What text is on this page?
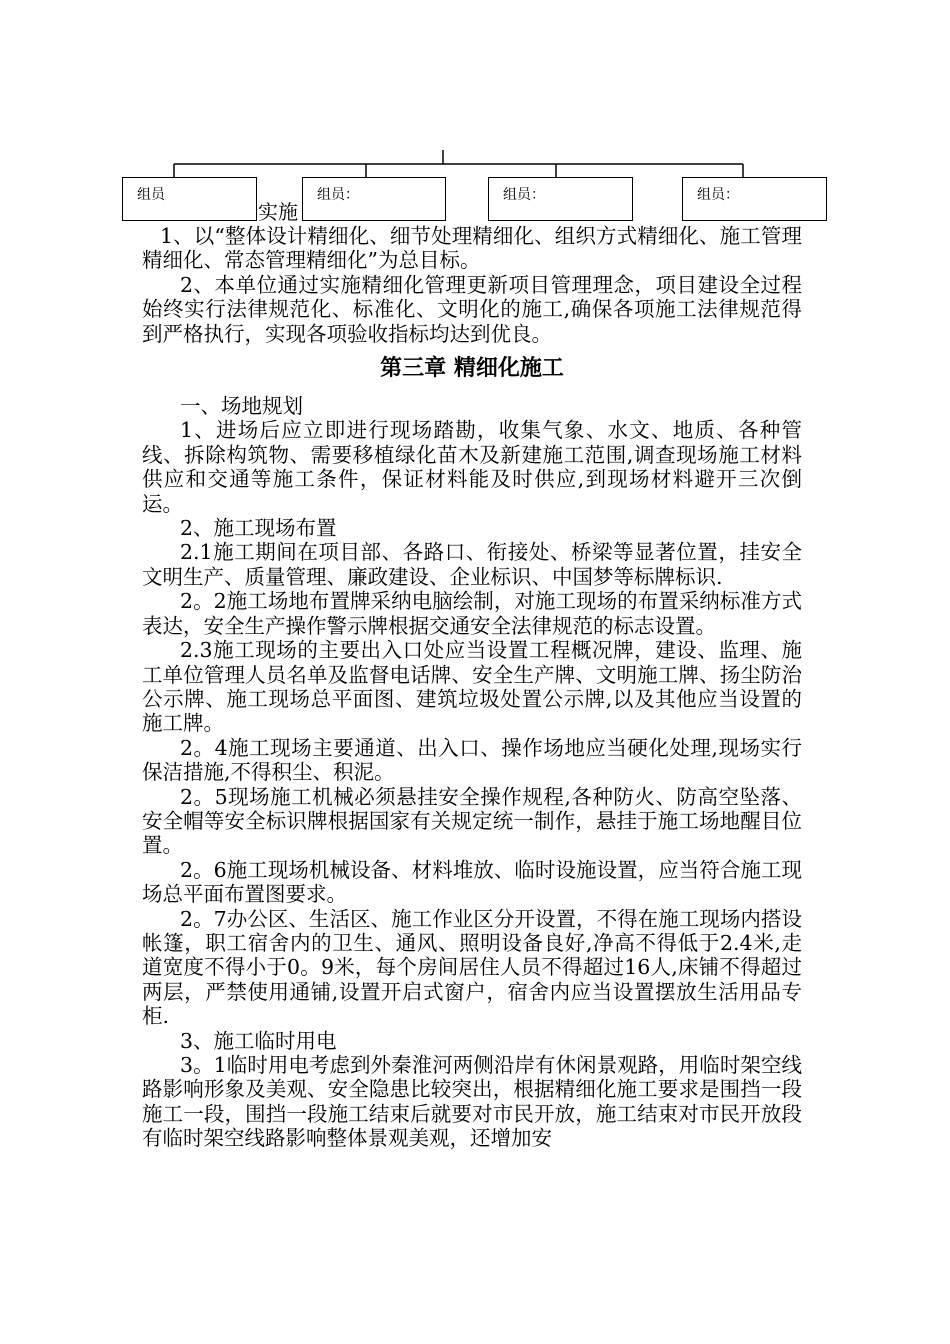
实施
组员	组员：	组员：	组员：

1、以“整体设计精细化、细节处理精细化、组织方式精细化、施工管理精细化、常态管理精细化”为总目标。

2、本单位通过实施精细化管理更新项目管理理念，项目建设全过程始终实行法律规范化、标准化、文明化的施工,确保各项施工法律规范得到严格执行，实现各项验收指标均达到优良。

第三章 精细化施工

一、场地规划

1、进场后应立即进行现场踏勘，收集气象、水文、地质、各种管线、拆除构筑物、需要移植绿化苗木及新建施工范围,调查现场施工材料供应和交通等施工条件，保证材料能及时供应,到现场材料避开三次倒运。

2、施工现场布置

2.1施工期间在项目部、各路口、衔接处、桥梁等显著位置，挂安全文明生产、质量管理、廉政建设、企业标识、中国梦等标牌标识.

2。2施工场地布置牌采纳电脑绘制，对施工现场的布置采纳标准方式表达，安全生产操作警示牌根据交通安全法律规范的标志设置。

2.3施工现场的主要出入口处应当设置工程概况牌，建设、监理、施工单位管理人员名单及监督电话牌、安全生产牌、文明施工牌、扬尘防治公示牌、施工现场总平面图、建筑垃圾处置公示牌,以及其他应当设置的施工牌。

2。4施工现场主要通道、出入口、操作场地应当硬化处理,现场实行保洁措施,不得积尘、积泥。

2。5现场施工机械必须悬挂安全操作规程,各种防火、防高空坠落、安全帽等安全标识牌根据国家有关规定统一制作，悬挂于施工场地醒目位置。

2。6施工现场机械设备、材料堆放、临时设施设置，应当符合施工现场总平面布置图要求。

2。7办公区、生活区、施工作业区分开设置，不得在施工现场内搭设帐篷，职工宿舍内的卫生、通风、照明设备良好,净高不得低于2.4米,走道宽度不得小于0。9米，每个房间居住人员不得超过16人,床铺不得超过两层，严禁使用通铺,设置开启式窗户，宿舍内应当设置摆放生活用品专柜.

3、施工临时用电

3。1临时用电考虑到外秦淮河两侧沿岸有休闲景观路，用临时架空线路影响形象及美观、安全隐患比较突出，根据精细化施工要求是围挡一段施工一段，围挡一段施工结束后就要对市民开放，施工结束对市民开放段有临时架空线路影响整体景观美观，还增加安
